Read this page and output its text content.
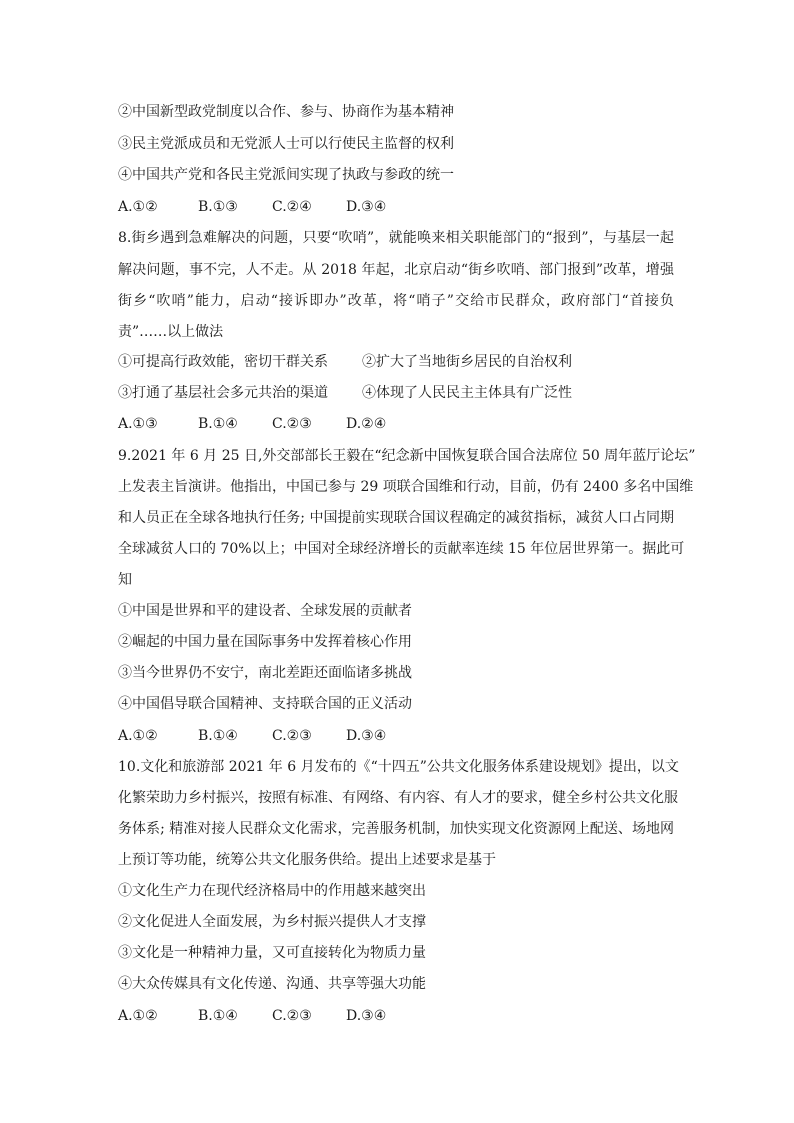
②中国新型政党制度以合作、参与、协商作为基本精神
③民主党派成员和无党派人士可以行使民主监督的权利
④中国共产党和各民主党派间实现了执政与参政的统一
A.①②	B.①③ C.②④ D.③④
8.街乡遇到急难解决的问题，只要“吹哨”，就能唤来相关职能部门的“报到”，与基层一起
解决问题，事不完，人不走。从 2018 年起，北京启动“街乡吹哨、部门报到”改革，增强
街乡“吹哨”能力，启动“接诉即办”改革，将“哨子”交给市民群众，政府部门“首接负
责”……以上做法
①可提高行政效能，密切干群关系 ②扩大了当地街乡居民的自治权利
③打通了基层社会多元共治的渠道 ④体现了人民民主主体具有广泛性
A.①③	B.①④ C.②③ D.②④
9.2021 年 6 月 25 日,外交部部长王毅在“纪念新中国恢复联合国合法席位 50 周年蓝厅论坛”
上发表主旨演讲。他指出，中国已参与 29 项联合国维和行动，目前，仍有 2400 多名中国维
和人员正在全球各地执行任务; 中国提前实现联合国议程确定的减贫指标，减贫人口占同期
全球减贫人口的 70%以上；中国对全球经济增长的贡献率连续 15 年位居世界第一。据此可
知
①中国是世界和平的建设者、全球发展的贡献者
②崛起的中国力量在国际事务中发挥着核心作用
③当今世界仍不安宁，南北差距还面临诸多挑战
④中国倡导联合国精神、支持联合国的正义活动
A.①②	B.①④ C.②③ D.③④
10.文化和旅游部 2021 年 6 月发布的《“十四五”公共文化服务体系建设规划》提出，以文
化繁荣助力乡村振兴，按照有标准、有网络、有内容、有人才的要求，健全乡村公共文化服
务体系; 精准对接人民群众文化需求，完善服务机制，加快实现文化资源网上配送、场地网
上预订等功能，统筹公共文化服务供给。提出上述要求是基于
①文化生产力在现代经济格局中的作用越来越突出
②文化促进人全面发展，为乡村振兴提供人才支撑
③文化是一种精神力量，又可直接转化为物质力量
④大众传媒具有文化传递、沟通、共享等强大功能
A.①②	B.①④ C.②③ D.③④
